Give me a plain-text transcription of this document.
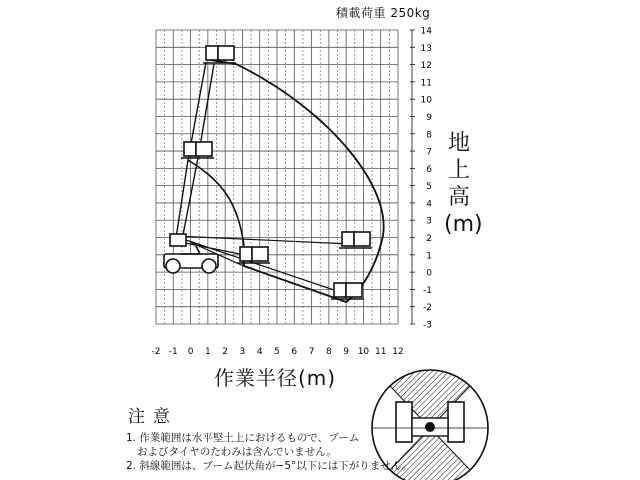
積載荷重 250kg
-2 -1 0 1 2 3 4 5 6 7 8 9 10 11 12
14
13
12
11
10
9
8
7
6
5
4
3
2
1
0
-1
-2
-3
地
上
高
(m)
作業半径(m)
注意
1. 作業範囲は水平堅土上におけるもので、ブーム
およびタイヤのたわみは含んでいません。
2. 斜線範囲は、ブーム起伏角が−5°以下には下がりません。
